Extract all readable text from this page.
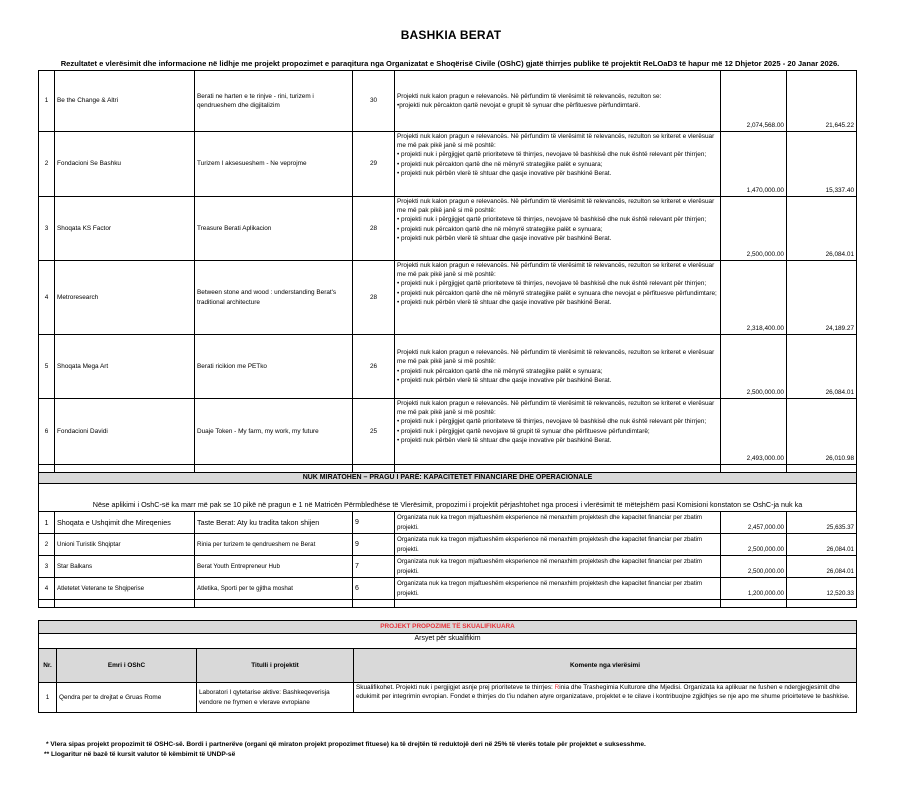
BASHKIA BERAT
Rezultatet e vlerësimit dhe informacione në lidhje me projekt propozimet e paraqitura nga Organizatat e Shoqërisë Civile (OShC) gjatë thirrjes publike të projektit ReLOaD3 të hapur më 12 Dhjetor 2025 - 20 Janar 2026.
1	Be the Change & Altri	Berati ne harten e te rinjve - rini, turizem i qendrueshem dhe digjitalizim	30	Projekti nuk kalon pragun e relevancës. Në përfundim të vlerësimit të relevancës, rezulton se:
•projekti nuk përcakton qartë nevojat e grupit të synuar dhe përfituesve përfundimtarë.	2,074,568.00	21,645.22
2	Fondacioni Se Bashku	Turizem I aksesueshem - Ne veprojme	29	Projekti nuk kalon pragun e relevancës. Në përfundim të vlerësimit të relevancës, rezulton se kriteret e vlerësuar me më pak pikë janë si më poshtë:
• projekti nuk i përgjigjet qartë prioriteteve të thirrjes, nevojave të bashkisë dhe nuk është relevant për thirrjen;
• projekti nuk përcakton qartë dhe në mënyrë strategjike palët e synuara;
• projekti nuk përbën vlerë të shtuar dhe qasje inovative për bashkinë Berat.	1,470,000.00	15,337.40
3	Shoqata KS Factor	Treasure Berati Aplikacion	28	Projekti nuk kalon pragun e relevancës. Në përfundim të vlerësimit të relevancës, rezulton se kriteret e vlerësuar me më pak pikë janë si më poshtë:
• projekti nuk i përgjigjet qartë prioriteteve të thirrjes, nevojave të bashkisë dhe nuk është relevant për thirrjen;
• projekti nuk përcakton qartë dhe në mënyrë strategjike palët e synuara;
• projekti nuk përbën vlerë të shtuar dhe qasje inovative për bashkinë Berat.	2,500,000.00	26,084.01
4	Metroresearch	Between stone and wood : understanding Berat's traditional architecture	28	Projekti nuk kalon pragun e relevancës. Në përfundim të vlerësimit të relevancës, rezulton se kriteret e vlerësuar me më pak pikë janë si më poshtë:
• projekti nuk i përgjigjet qartë prioriteteve të thirrjes, nevojave të bashkisë dhe nuk është relevant për thirrjen;
• projekti nuk përcakton qartë dhe në mënyrë strategjike palët e synuara dhe nevojat e përfituesve përfundimtare;
• projekti nuk përbën vlerë të shtuar dhe qasje inovative për bashkinë Berat.	2,318,400.00	24,189.27
5	Shoqata Mega Art	Berati ricikion me PETko	26	Projekti nuk kalon pragun e relevancës. Në përfundim të vlerësimit të relevancës, rezulton se kriteret e vlerësuar me më pak pikë janë si më poshtë:
• projekti nuk përcakton qartë dhe në mënyrë strategjike palët e synuara;
• projekti nuk përbën vlerë të shtuar dhe qasje inovative për bashkinë Berat.	2,500,000.00	26,084.01
6	Fondacioni Davidi	Duaje Token - My farm, my work, my future	25	Projekti nuk kalon pragun e relevancës. Në përfundim të vlerësimit të relevancës, rezulton se kriteret e vlerësuar me më pak pikë janë si më poshtë:
• projekti nuk i përgjigjet qartë prioriteteve të thirrjes, nevojave të bashkisë dhe nuk është relevant për thirrjen;
• projekti nuk i përgjigjet qartë nevojave të grupit të synuar dhe përfituesve përfundimtarë;
• projekti nuk përbën vlerë të shtuar dhe qasje inovative për bashkinë Berat.	2,493,000.00	26,010.98

NUK MIRATOHEN – PRAGU I PARË: KAPACITETET FINANCIARE DHE OPERACIONALE						
Nëse aplikimi i OshC-së ka marr më pak se 10 pikë në pragun e 1 në Matricën Përmbledhëse të Vlerësimit, propozimi i projektit përjashtohet nga procesi i vlerësimit të mëtejshëm pasi Komisioni konstaton se OshC-ja nuk ka						
1	Shoqata e Ushqimit dhe Mireqenies	Taste Berat: Aty ku tradita takon shijen	9	Organizata nuk ka tregon mjaftueshëm eksperience në menaxhim projektesh dhe kapacitet financiar per zbatim projekti.	2,457,000.00	25,635.37
2	Unioni Turistik Shqiptar	Rinia per turizem te qendrueshem ne Berat	9	Organizata nuk ka tregon mjaftueshëm eksperience në menaxhim projektesh dhe kapacitet financiar per zbatim projekti.	2,500,000.00	26,084.01
3	Star Balkans	Berat Youth Entrepreneur Hub	7	Organizata nuk ka tregon mjaftueshëm eksperience në menaxhim projektesh dhe kapacitet financiar per zbatim projekti.	2,500,000.00	26,084.01
4	Atletetet Veterane te Shqiperise	Atletika, Sporti per te gjitha moshat	6	Organizata nuk ka tregon mjaftueshëm eksperience në menaxhim projektesh dhe kapacitet financiar per zbatim projekti.	1,200,000.00	12,520.33

PROJEKT PROPOZIME TË SKUALIFIKUARA			
Arsyet për skualifikim			
Nr.	Emri i OShC	Titulli i projektit	Komente nga vlerësimi
1	Qendra per te drejtat e Gruas Rome	Laboratori I qytetarise aktive: Bashkeqeverisja vendore ne frymen e vlerave evropiane	Skualifikohet. Projekti nuk i pergjigjet asnje prej prioriteteve te thirrjes: Rinia dhe Trashegimia Kulturore dhe Mjedisi. Organizata ka aplikuar ne fushen e ndergjegjesimit dhe edukimit per integrimin evropian. Fondet e thirrjes do t'iu ndahen atyre organizatave, projektet e te cilave i kontribuojne zgjidhjes se nje apo me shume prioirteteve te bashkise.
* Vlera sipas projekt propozimit të OSHC-së. Bordi i partnerëve (organi që miraton projekt propozimet fituese) ka të drejtën të reduktojë deri në 25% të vlerës totale për projektet e suksesshme.
** Llogaritur në bazë të kursit valutor të këmbimit të UNDP-së
